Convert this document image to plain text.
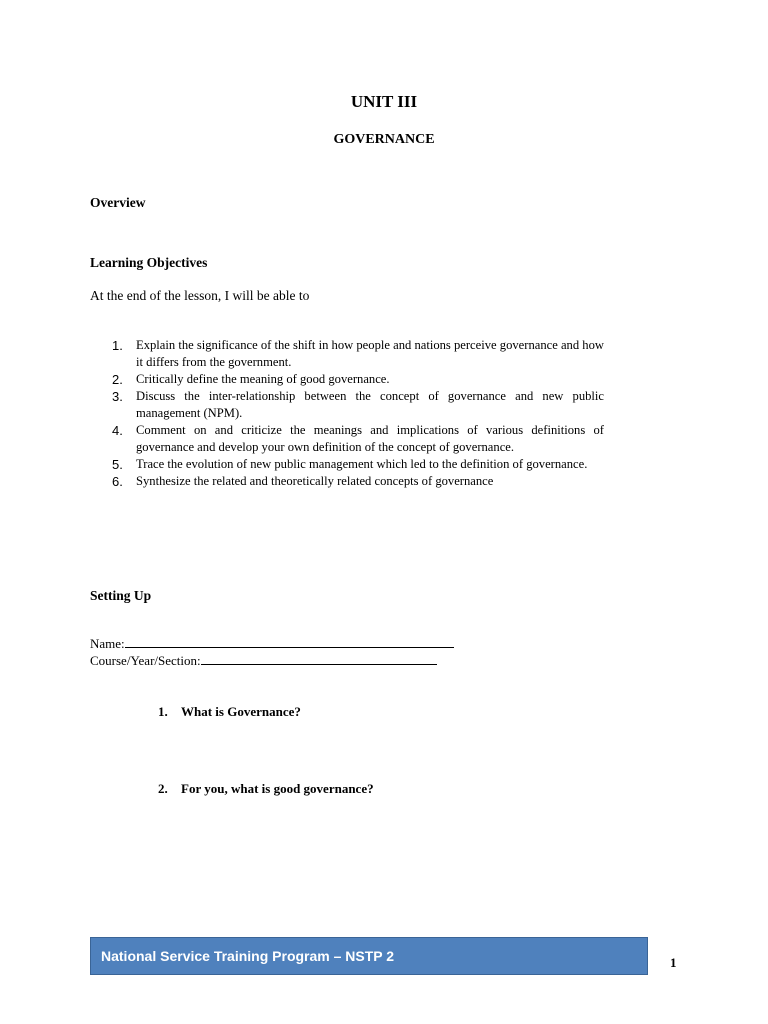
UNIT III
GOVERNANCE
Overview
Learning Objectives
At the end of the lesson, I will be able to
1. Explain the significance of the shift in how people and nations perceive governance and how it differs from the government.
2. Critically define the meaning of good governance.
3. Discuss the inter-relationship between the concept of governance and new public management (NPM).
4. Comment on and criticize the meanings and implications of various definitions of governance and develop your own definition of the concept of governance.
5. Trace the evolution of new public management which led to the definition of governance.
6. Synthesize the related and theoretically related concepts of governance
Setting Up
Name:
Course/Year/Section:
1. What is Governance?
2. For you, what is good governance?
National Service Training Program – NSTP 2	1
